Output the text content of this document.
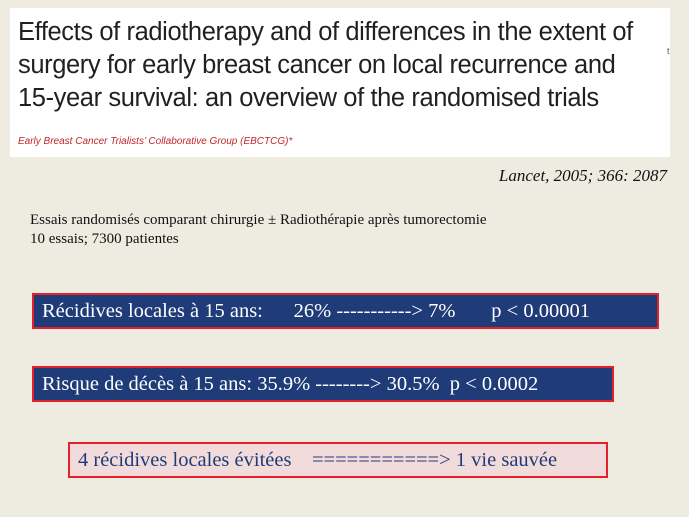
Effects of radiotherapy and of differences in the extent of
surgery for early breast cancer on local recurrence and
15-year survival: an overview of the randomised trials
Early Breast Cancer Trialists’ Collaborative Group (EBCTCG)*
t
Lancet, 2005; 366: 2087
Essais randomisés comparant chirurgie ± Radiothérapie après tumorectomie
10 essais; 7300 patientes
Récidives locales à 15 ans:      26% -----------> 7%       p < 0.00001
Risque de décès à 15 ans: 35.9% --------> 30.5%  p < 0.0002
4 récidives locales évitées    ===========> 1 vie sauvée
